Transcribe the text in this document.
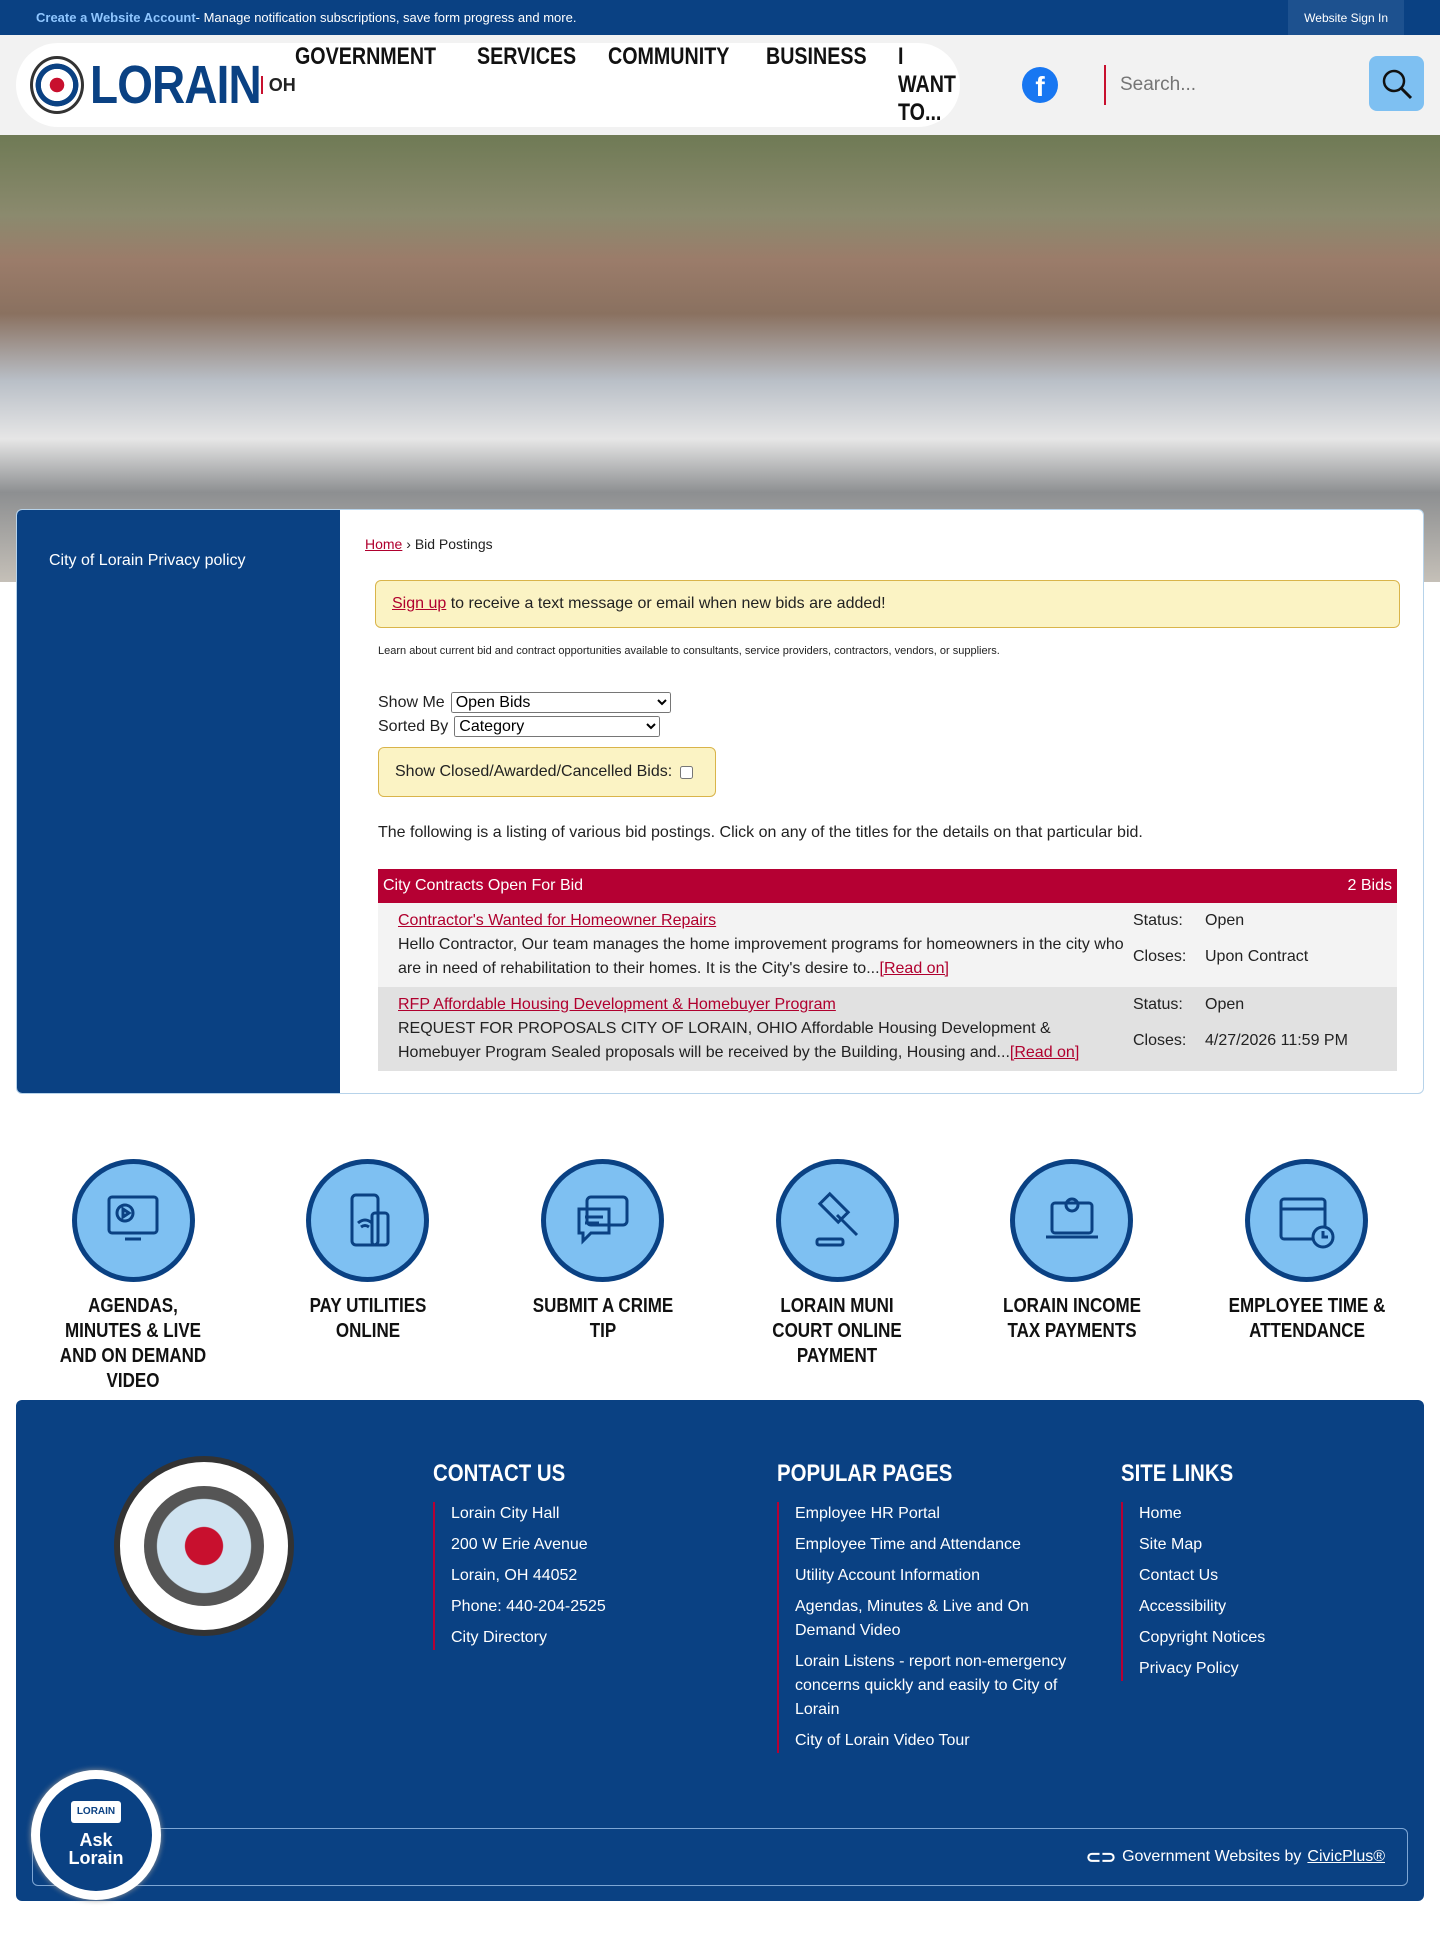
Create a Website Account - Manage notification subscriptions, save form progress and more.	Website Sign In
LORAIN OH
GOVERNMENT SERVICES COMMUNITY BUSINESS I WANT TO...
f
Search...
City of Lorain Privacy policy
Home › Bid Postings
Sign up to receive a text message or email when new bids are added!
Learn about current bid and contract opportunities available to consultants, service providers, contractors, vendors, or suppliers.
Show Me
Open Bids
Sorted By
Category
Show Closed/Awarded/Cancelled Bids:
The following is a listing of various bid postings. Click on any of the titles for the details on that particular bid.
City Contracts Open For Bid	2 Bids
Contractor's Wanted for Homeowner Repairs
Hello Contractor, Our team manages the home improvement programs for homeowners in the city who are in need of rehabilitation to their homes. It is the City's desire to...[Read on]
Status:	Open
Closes:	Upon Contract
RFP Affordable Housing Development & Homebuyer Program
REQUEST FOR PROPOSALS CITY OF LORAIN, OHIO Affordable Housing Development & Homebuyer Program Sealed proposals will be received by the Building, Housing and...[Read on]
Status:	Open
Closes:	4/27/2026 11:59 PM

AGENDAS, MINUTES & LIVE AND ON DEMAND VIDEO

PAY UTILITIES ONLINE

SUBMIT A CRIME TIP

LORAIN MUNI COURT ONLINE PAYMENT

LORAIN INCOME TAX PAYMENTS

EMPLOYEE TIME & ATTENDANCE

CONTACT US
Lorain City Hall
200 W Erie Avenue
Lorain, OH 44052
Phone: 440-204-2525
City Directory
POPULAR PAGES
Employee HR Portal
Employee Time and Attendance
Utility Account Information
Agendas, Minutes & Live and On Demand Video
Lorain Listens - report non-emergency concerns quickly and easily to City of Lorain
City of Lorain Video Tour
SITE LINKS
Home
Site Map
Contact Us
Accessibility
Copyright Notices
Privacy Policy
⊂⊃ Government Websites by CivicPlus®
LORAIN
Ask Lorain
